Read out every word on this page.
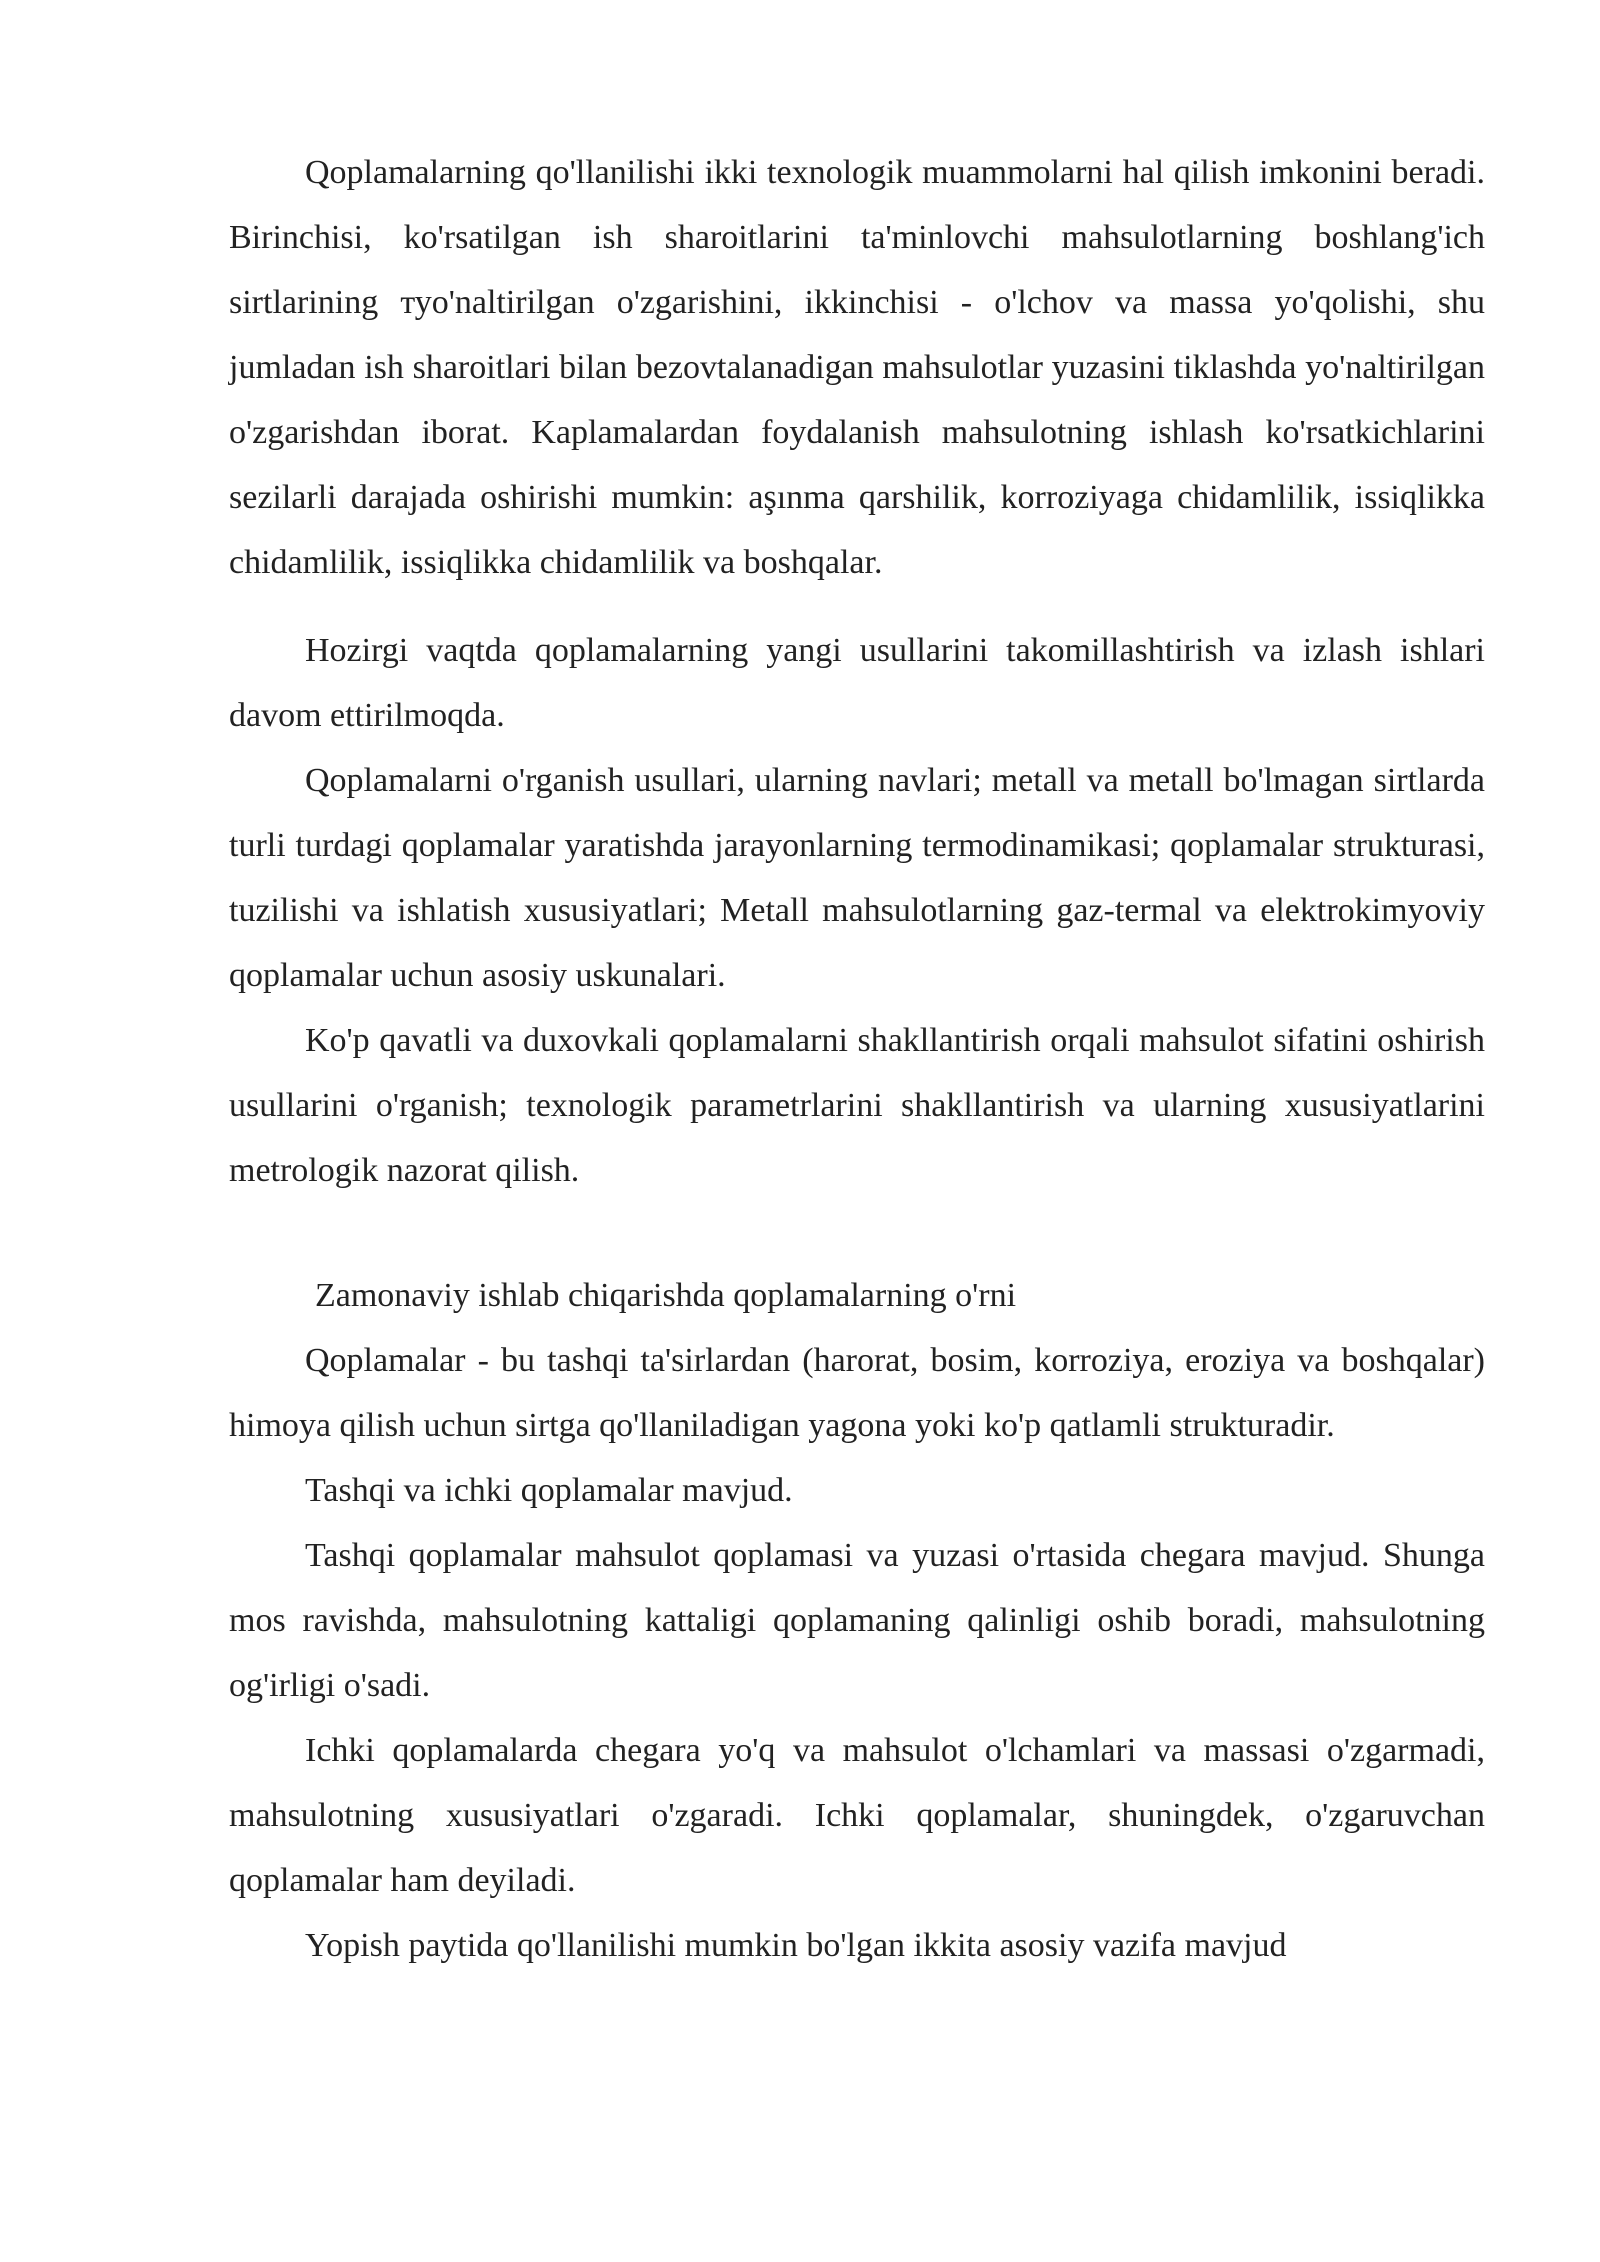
Qoplamalarning qo'llanilishi ikki texnologik muammolarni hal qilish imkonini beradi. Birinchisi, ko'rsatilgan ish sharoitlarini ta'minlovchi mahsulotlarning boshlang'ich sirtlarining туo'naltirilgan o'zgarishini, ikkinchisi - o'lchov va massa yo'qolishi, shu jumladan ish sharoitlari bilan bezovtalanadigan mahsulotlar yuzasini tiklashda yo'naltirilgan o'zgarishdan iborat. Kaplamalardan foydalanish mahsulotning ishlash ko'rsatkichlarini sezilarli darajada oshirishi mumkin: aşınma qarshilik, korroziyaga chidamlilik, issiqlikka chidamlilik, issiqlikka chidamlilik va boshqalar.

Hozirgi vaqtda qoplamalarning yangi usullarini takomillashtirish va izlash ishlari davom ettirilmoqda.

Qoplamalarni o'rganish usullari, ularning navlari; metall va metall bo'lmagan sirtlarda turli turdagi qoplamalar yaratishda jarayonlarning termodinamikasi; qoplamalar strukturasi, tuzilishi va ishlatish xususiyatlari; Metall mahsulotlarning gaz-termal va elektrokimyoviy qoplamalar uchun asosiy uskunalari.

Ko'p qavatli va duxovkali qoplamalarni shakllantirish orqali mahsulot sifatini oshirish usullarini o'rganish; texnologik parametrlarini shakllantirish va ularning xususiyatlarini metrologik nazorat qilish.

Zamonaviy ishlab chiqarishda qoplamalarning o'rni

Qoplamalar - bu tashqi ta'sirlardan (harorat, bosim, korroziya, eroziya va boshqalar) himoya qilish uchun sirtga qo'llaniladigan yagona yoki ko'p qatlamli strukturadir.

Tashqi va ichki qoplamalar mavjud.

Tashqi qoplamalar mahsulot qoplamasi va yuzasi o'rtasida chegara mavjud. Shunga mos ravishda, mahsulotning kattaligi qoplamaning qalinligi oshib boradi, mahsulotning og'irligi o'sadi.

Ichki qoplamalarda chegara yo'q va mahsulot o'lchamlari va massasi o'zgarmadi, mahsulotning xususiyatlari o'zgaradi. Ichki qoplamalar, shuningdek, o'zgaruvchan qoplamalar ham deyiladi.

Yopish paytida qo'llanilishi mumkin bo'lgan ikkita asosiy vazifa mavjud
